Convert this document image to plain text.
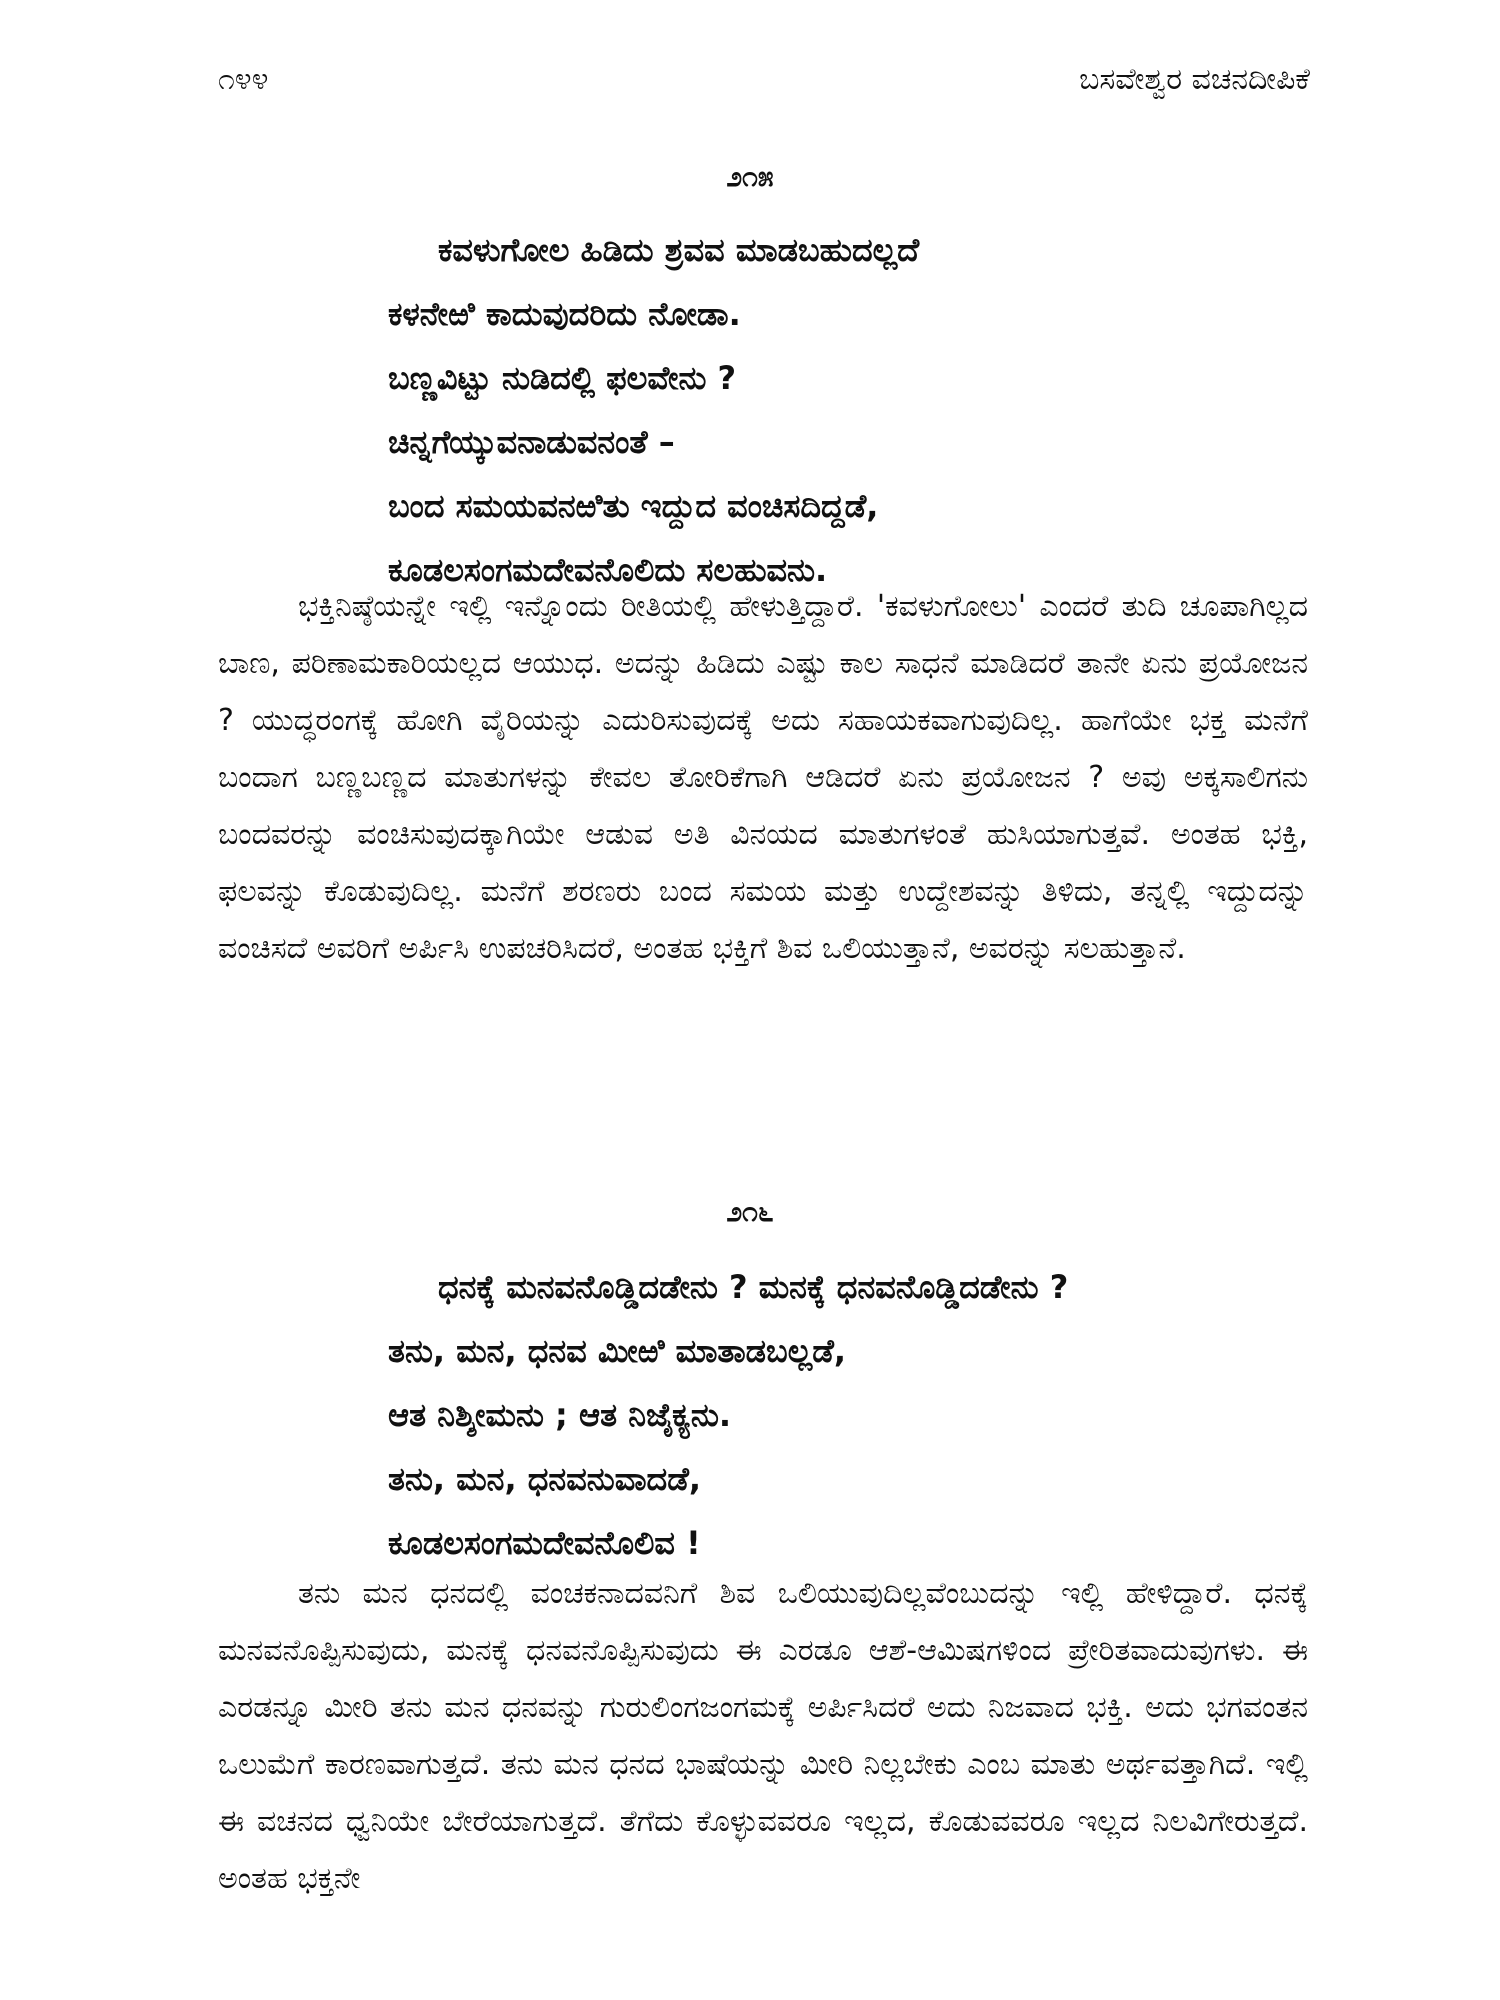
೧೪೪	ಬಸವೇಶ್ವರ ವಚನದೀಪಿಕೆ
೨೧೫
ಕವಳುಗೋಲ ಹಿಡಿದು ಶ್ರವವ ಮಾಡಬಹುದಲ್ಲದೆ
ಕಳನೇಱಿ ಕಾದುವುದರಿದು ನೋಡಾ.
ಬಣ್ಣವಿಟ್ಟು ನುಡಿದಲ್ಲಿ ಫಲವೇನು ?
ಚಿನ್ನಗೆಯ್ಕುವನಾಡುವನಂತೆ –
ಬಂದ ಸಮಯವನಱಿತು ಇದ್ದುದ ವಂಚಿಸದಿದ್ದಡೆ,
ಕೂಡಲಸಂಗಮದೇವನೊಲಿದು ಸಲಹುವನು.

ಭಕ್ತಿನಿಷ್ಠೆಯನ್ನೇ ಇಲ್ಲಿ ಇನ್ನೊಂದು ರೀತಿಯಲ್ಲಿ ಹೇಳುತ್ತಿದ್ದಾರೆ. 'ಕವಳುಗೋಲು' ಎಂದರೆ ತುದಿ ಚೂಪಾಗಿಲ್ಲದ ಬಾಣ, ಪರಿಣಾಮಕಾರಿಯಲ್ಲದ ಆಯುಧ. ಅದನ್ನು ಹಿಡಿದು ಎಷ್ಟು ಕಾಲ ಸಾಧನೆ ಮಾಡಿದರೆ ತಾನೇ ಏನು ಪ್ರಯೋಜನ ? ಯುದ್ಧರಂಗಕ್ಕೆ ಹೋಗಿ ವೈರಿಯನ್ನು ಎದುರಿಸುವುದಕ್ಕೆ ಅದು ಸಹಾಯಕವಾಗುವುದಿಲ್ಲ. ಹಾಗೆಯೇ ಭಕ್ತ ಮನೆಗೆ ಬಂದಾಗ ಬಣ್ಣಬಣ್ಣದ ಮಾತುಗಳನ್ನು ಕೇವಲ ತೋರಿಕೆಗಾಗಿ ಆಡಿದರೆ ಏನು ಪ್ರಯೋಜನ ? ಅವು ಅಕ್ಕಸಾಲಿಗನು ಬಂದವರನ್ನು ವಂಚಿಸುವುದಕ್ಕಾಗಿಯೇ ಆಡುವ ಅತಿ ವಿನಯದ ಮಾತುಗಳಂತೆ ಹುಸಿಯಾಗುತ್ತವೆ. ಅಂತಹ ಭಕ್ತಿ, ಫಲವನ್ನು ಕೊಡುವುದಿಲ್ಲ. ಮನೆಗೆ ಶರಣರು ಬಂದ ಸಮಯ ಮತ್ತು ಉದ್ದೇಶವನ್ನು ತಿಳಿದು, ತನ್ನಲ್ಲಿ ಇದ್ದುದನ್ನು ವಂಚಿಸದೆ ಅವರಿಗೆ ಅರ್ಪಿಸಿ ಉಪಚರಿಸಿದರೆ, ಅಂತಹ ಭಕ್ತಿಗೆ ಶಿವ ಒಲಿಯುತ್ತಾನೆ, ಅವರನ್ನು ಸಲಹುತ್ತಾನೆ.

೨೧೬
ಧನಕ್ಕೆ ಮನವನೊಡ್ಡಿದಡೇನು ? ಮನಕ್ಕೆ ಧನವನೊಡ್ಡಿದಡೇನು ?
ತನು, ಮನ, ಧನವ ಮೀಱಿ ಮಾತಾಡಬಲ್ಲಡೆ,
ಆತ ನಿಶ್ಶೀಮನು ; ಆತ ನಿಜೈಕ್ಯನು.
ತನು, ಮನ, ಧನವನುವಾದಡೆ,
ಕೂಡಲಸಂಗಮದೇವನೊಲಿವ !

ತನು ಮನ ಧನದಲ್ಲಿ ವಂಚಕನಾದವನಿಗೆ ಶಿವ ಒಲಿಯುವುದಿಲ್ಲವೆಂಬುದನ್ನು ಇಲ್ಲಿ ಹೇಳಿದ್ದಾರೆ. ಧನಕ್ಕೆ ಮನವನೊಪ್ಪಿಸುವುದು, ಮನಕ್ಕೆ ಧನವನೊಪ್ಪಿಸುವುದು ಈ ಎರಡೂ ಆಶೆ-ಆಮಿಷಗಳಿಂದ ಪ್ರೇರಿತವಾದುವುಗಳು. ಈ ಎರಡನ್ನೂ ಮೀರಿ ತನು ಮನ ಧನವನ್ನು ಗುರುಲಿಂಗಜಂಗಮಕ್ಕೆ ಅರ್ಪಿಸಿದರೆ ಅದು ನಿಜವಾದ ಭಕ್ತಿ. ಅದು ಭಗವಂತನ ಒಲುಮೆಗೆ ಕಾರಣವಾಗುತ್ತದೆ. ತನು ಮನ ಧನದ ಭಾಷೆಯನ್ನು ಮೀರಿ ನಿಲ್ಲಬೇಕು ಎಂಬ ಮಾತು ಅರ್ಥವತ್ತಾಗಿದೆ. ಇಲ್ಲಿ ಈ ವಚನದ ಧ್ವನಿಯೇ ಬೇರೆಯಾಗುತ್ತದೆ. ತೆಗೆದು ಕೊಳ್ಳುವವರೂ ಇಲ್ಲದ, ಕೊಡುವವರೂ ಇಲ್ಲದ ನಿಲವಿಗೇರುತ್ತದೆ. ಅಂತಹ ಭಕ್ತನೇ
